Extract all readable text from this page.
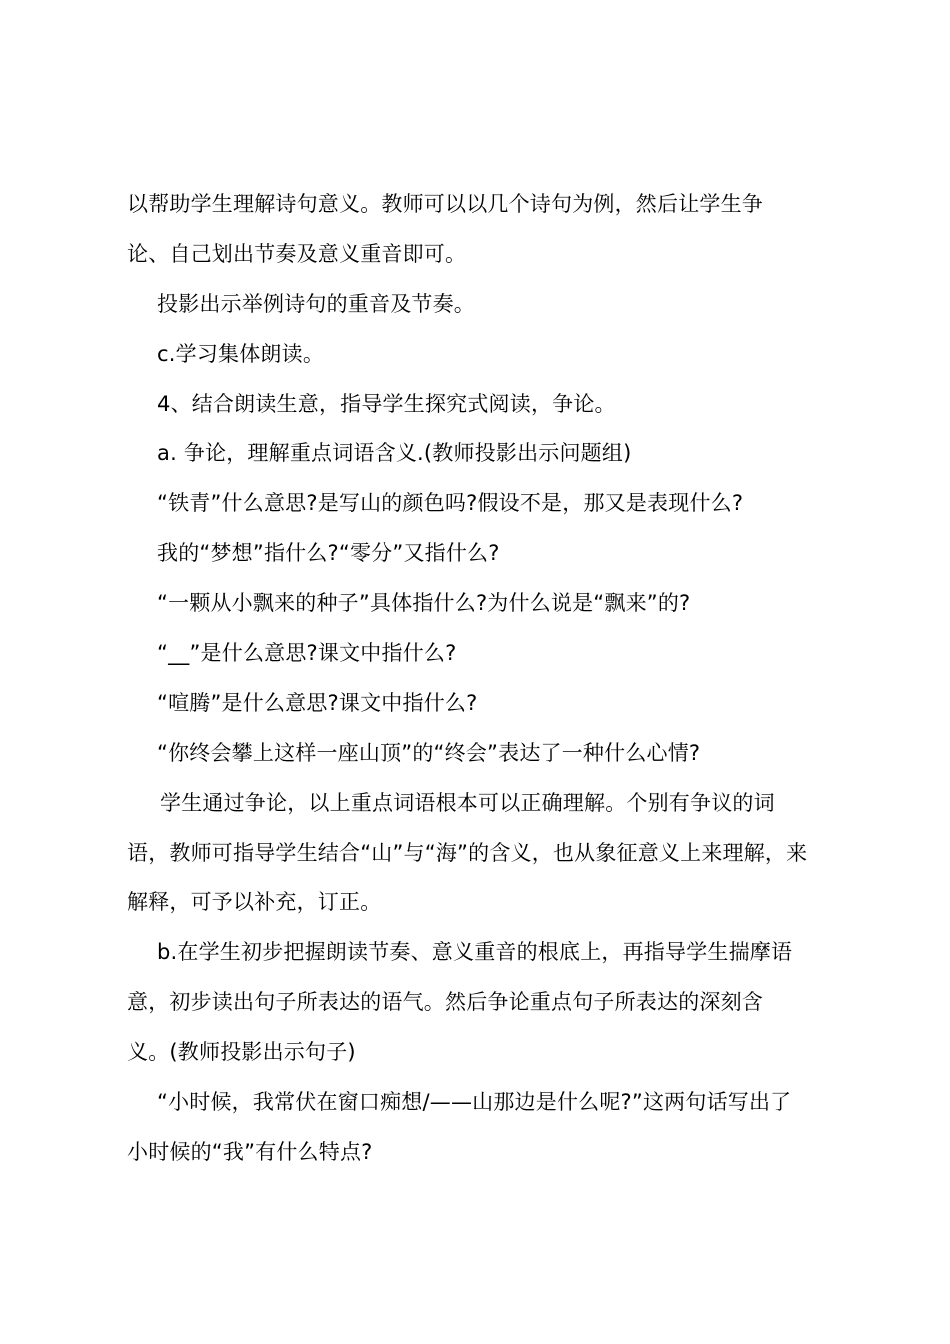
以帮助学生理解诗句意义。教师可以以几个诗句为例，然后让学生争
论、自己划出节奏及意义重音即可。
投影出示举例诗句的重音及节奏。
c.学习集体朗读。
4、结合朗读生意，指导学生探究式阅读，争论。
a. 争论，理解重点词语含义.(教师投影出示问题组)
“铁青”什么意思?是写山的颜色吗?假设不是，那又是表现什么?
我的“梦想”指什么?“零分”又指什么?
“一颗从小飘来的种子”具体指什么?为什么说是“飘来”的?
“__”是什么意思?课文中指什么?
“喧腾”是什么意思?课文中指什么?
“你终会攀上这样一座山顶”的“终会”表达了一种什么心情?
学生通过争论，以上重点词语根本可以正确理解。个别有争议的词
语，教师可指导学生结合“山”与“海”的含义，也从象征意义上来理解，来
解释，可予以补充，订正。
b.在学生初步把握朗读节奏、意义重音的根底上，再指导学生揣摩语
意，初步读出句子所表达的语气。然后争论重点句子所表达的深刻含
义。(教师投影出示句子)
“小时候，我常伏在窗口痴想/——山那边是什么呢?”这两句话写出了
小时候的“我”有什么特点?
